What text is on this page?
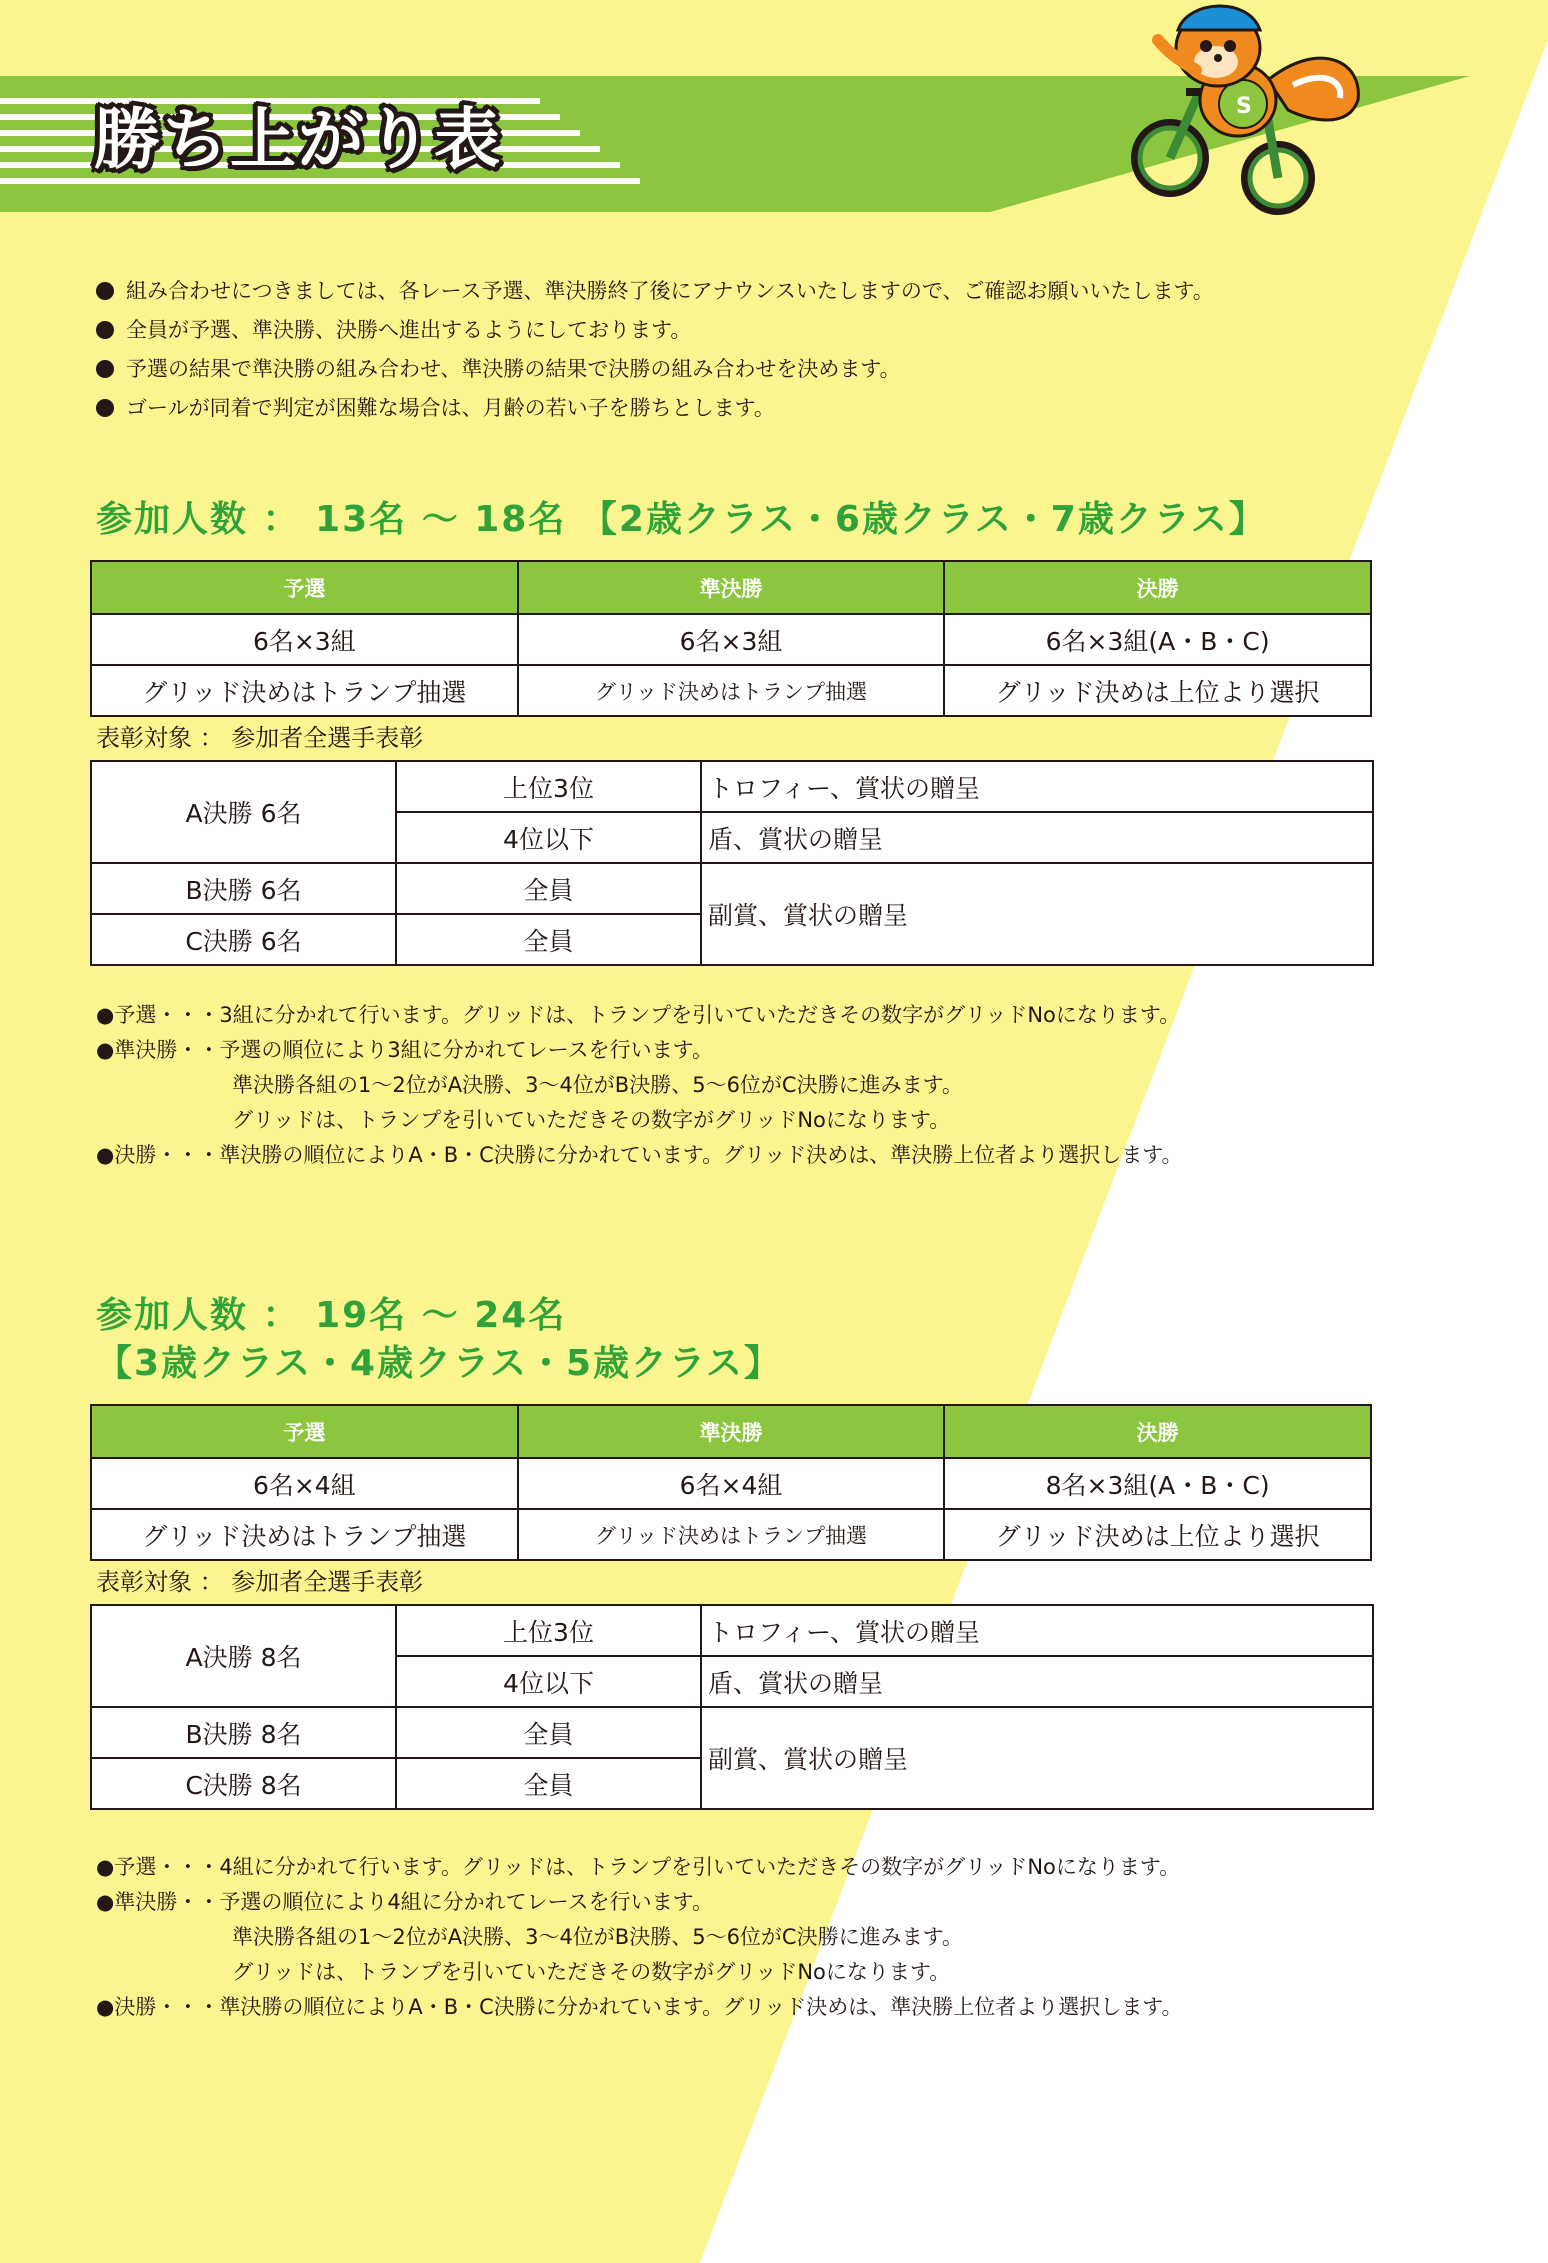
勝ち上がり表	S
組み合わせにつきましては、各レース予選、準決勝終了後にアナウンスいたしますので、ご確認お願いいたします。
全員が予選、準決勝、決勝へ進出するようにしております。
予選の結果で準決勝の組み合わせ、準決勝の結果で決勝の組み合わせを決めます。
ゴールが同着で判定が困難な場合は、月齢の若い子を勝ちとします。
参加人数 ： 13名 ～ 18名 【2歳クラス・6歳クラス・7歳クラス】
予選	準決勝	決勝
6名×3組	6名×3組	6名×3組(A・B・C)
グリッド決めはトランプ抽選	グリッド決めはトランプ抽選	グリッド決めは上位より選択
表彰対象 ： 参加者全選手表彰
A決勝 6名	上位3位	トロフィー、賞状の贈呈
	4位以下	盾、賞状の贈呈
B決勝 6名	全員	副賞、賞状の贈呈
C決勝 6名	全員	
●予選・・・3組に分かれて行います。グリッドは、トランプを引いていただきその数字がグリッドNoになります。
●準決勝・・予選の順位により3組に分かれてレースを行います。
準決勝各組の1～2位がA決勝、3～4位がB決勝、5～6位がC決勝に進みます。
グリッドは、トランプを引いていただきその数字がグリッドNoになります。
●決勝・・・準決勝の順位によりA・B・C決勝に分かれています。グリッド決めは、準決勝上位者より選択します。
参加人数 ： 19名 ～ 24名
【3歳クラス・4歳クラス・5歳クラス】
予選	準決勝	決勝
6名×4組	6名×4組	8名×3組(A・B・C)
グリッド決めはトランプ抽選	グリッド決めはトランプ抽選	グリッド決めは上位より選択
表彰対象 ： 参加者全選手表彰
A決勝 8名	上位3位	トロフィー、賞状の贈呈
	4位以下	盾、賞状の贈呈
B決勝 8名	全員	副賞、賞状の贈呈
C決勝 8名	全員	
●予選・・・4組に分かれて行います。グリッドは、トランプを引いていただきその数字がグリッドNoになります。
●準決勝・・予選の順位により4組に分かれてレースを行います。
準決勝各組の1～2位がA決勝、3～4位がB決勝、5～6位がC決勝に進みます。
グリッドは、トランプを引いていただきその数字がグリッドNoになります。
●決勝・・・準決勝の順位によりA・B・C決勝に分かれています。グリッド決めは、準決勝上位者より選択します。
